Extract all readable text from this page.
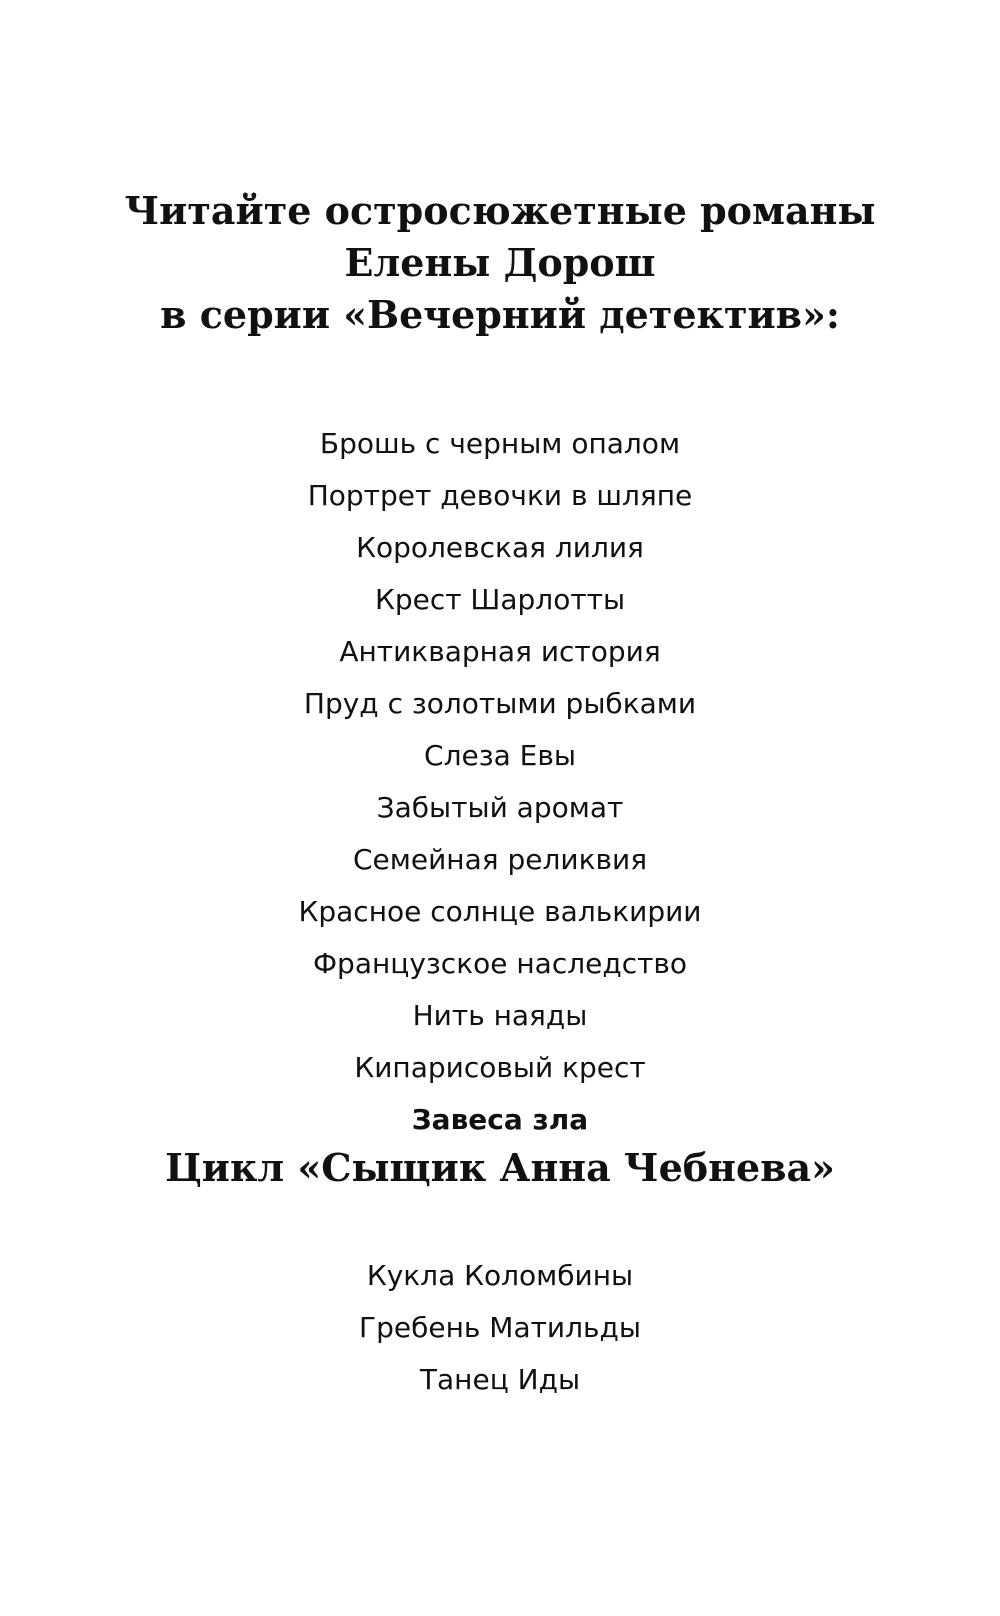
Читайте остросюжетные романы
Елены Дорош
в серии «Вечерний детектив»:
Брошь с черным опалом
Портрет девочки в шляпе
Королевская лилия
Крест Шарлотты
Антикварная история
Пруд с золотыми рыбками
Слеза Евы
Забытый аромат
Семейная реликвия
Красное солнце валькирии
Французское наследство
Нить наяды
Кипарисовый крест
Завеса зла
Цикл «Сыщик Анна Чебнева»
Кукла Коломбины
Гребень Матильды
Танец Иды
